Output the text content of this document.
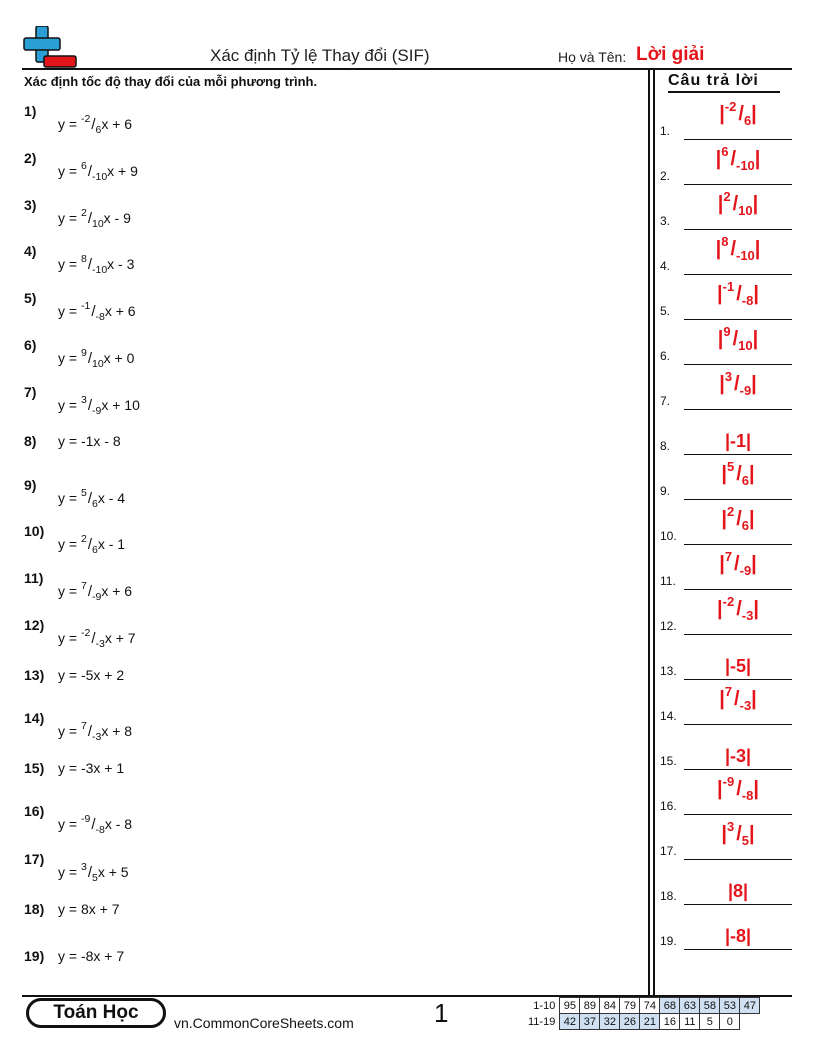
Xác định Tỷ lệ Thay đổi (SIF)	Họ và Tên: Lời giải
Xác định tốc độ thay đổi của mỗi phương trình.	Câu trả lời
1)
$y = ^{-2}/_6x + 6$
2)
$y = ^6/_{-10}x + 9$
3)
$y = ^2/_{10}x - 9$
4)
$y = ^8/_{-10}x - 3$
5)
$y = ^{-1}/_{-8}x + 6$
6)
$y = ^9/_{10}x + 0$
7)
$y = ^3/_{-9}x + 10$
8) y = -1x - 8
9)
$y = ^5/_6x - 4$
10)
$y = ^2/_6x - 1$
11)
$y = ^7/_{-9}x + 6$
12)
$y = ^{-2}/_{-3}x + 7$
13) y = -5x + 2
14)
$y = ^7/_{-3}x + 8$
15) y = -3x + 1
16)
$y = ^{-9}/_{-8}x - 8$
17)
$y = ^3/_5x + 5$
18) y = 8x + 7
19) y = -8x + 7
1.
$|^{-2}$ $/_6|$
2.
$|^6$ $/_{-10}|$
3.
$|^2$ $/_{10}|$
4.
$|^8$ $/_{-10}|$
5.
$|^{-1}$ $/_{-8}|$
6.
$|^9$ $/_{10}|$
7.
$|^3$ $/_{-9}|$
8.	|-1|
9.
$|^5$ $/_6|$
10.
$|^2$ $/_6|$
11.
$|^7$ $/_{-9}|$
12.
$|^{-2}$ $/_{-3}|$
13.	|-5|
14.
$|^7$ $/_{-3}|$
15.	|-3|
16.
$|^{-9}$ $/_{-8}|$
17.
$|^3$ $/_5|$
18.	|8|
19.	|-8|
Toán Học	vn.CommonCoreSheets.com	1	1-10	95	89	84	79	74	68	63	58	53	47
11-19	42	37	32	26	21	16	11	5	0	
